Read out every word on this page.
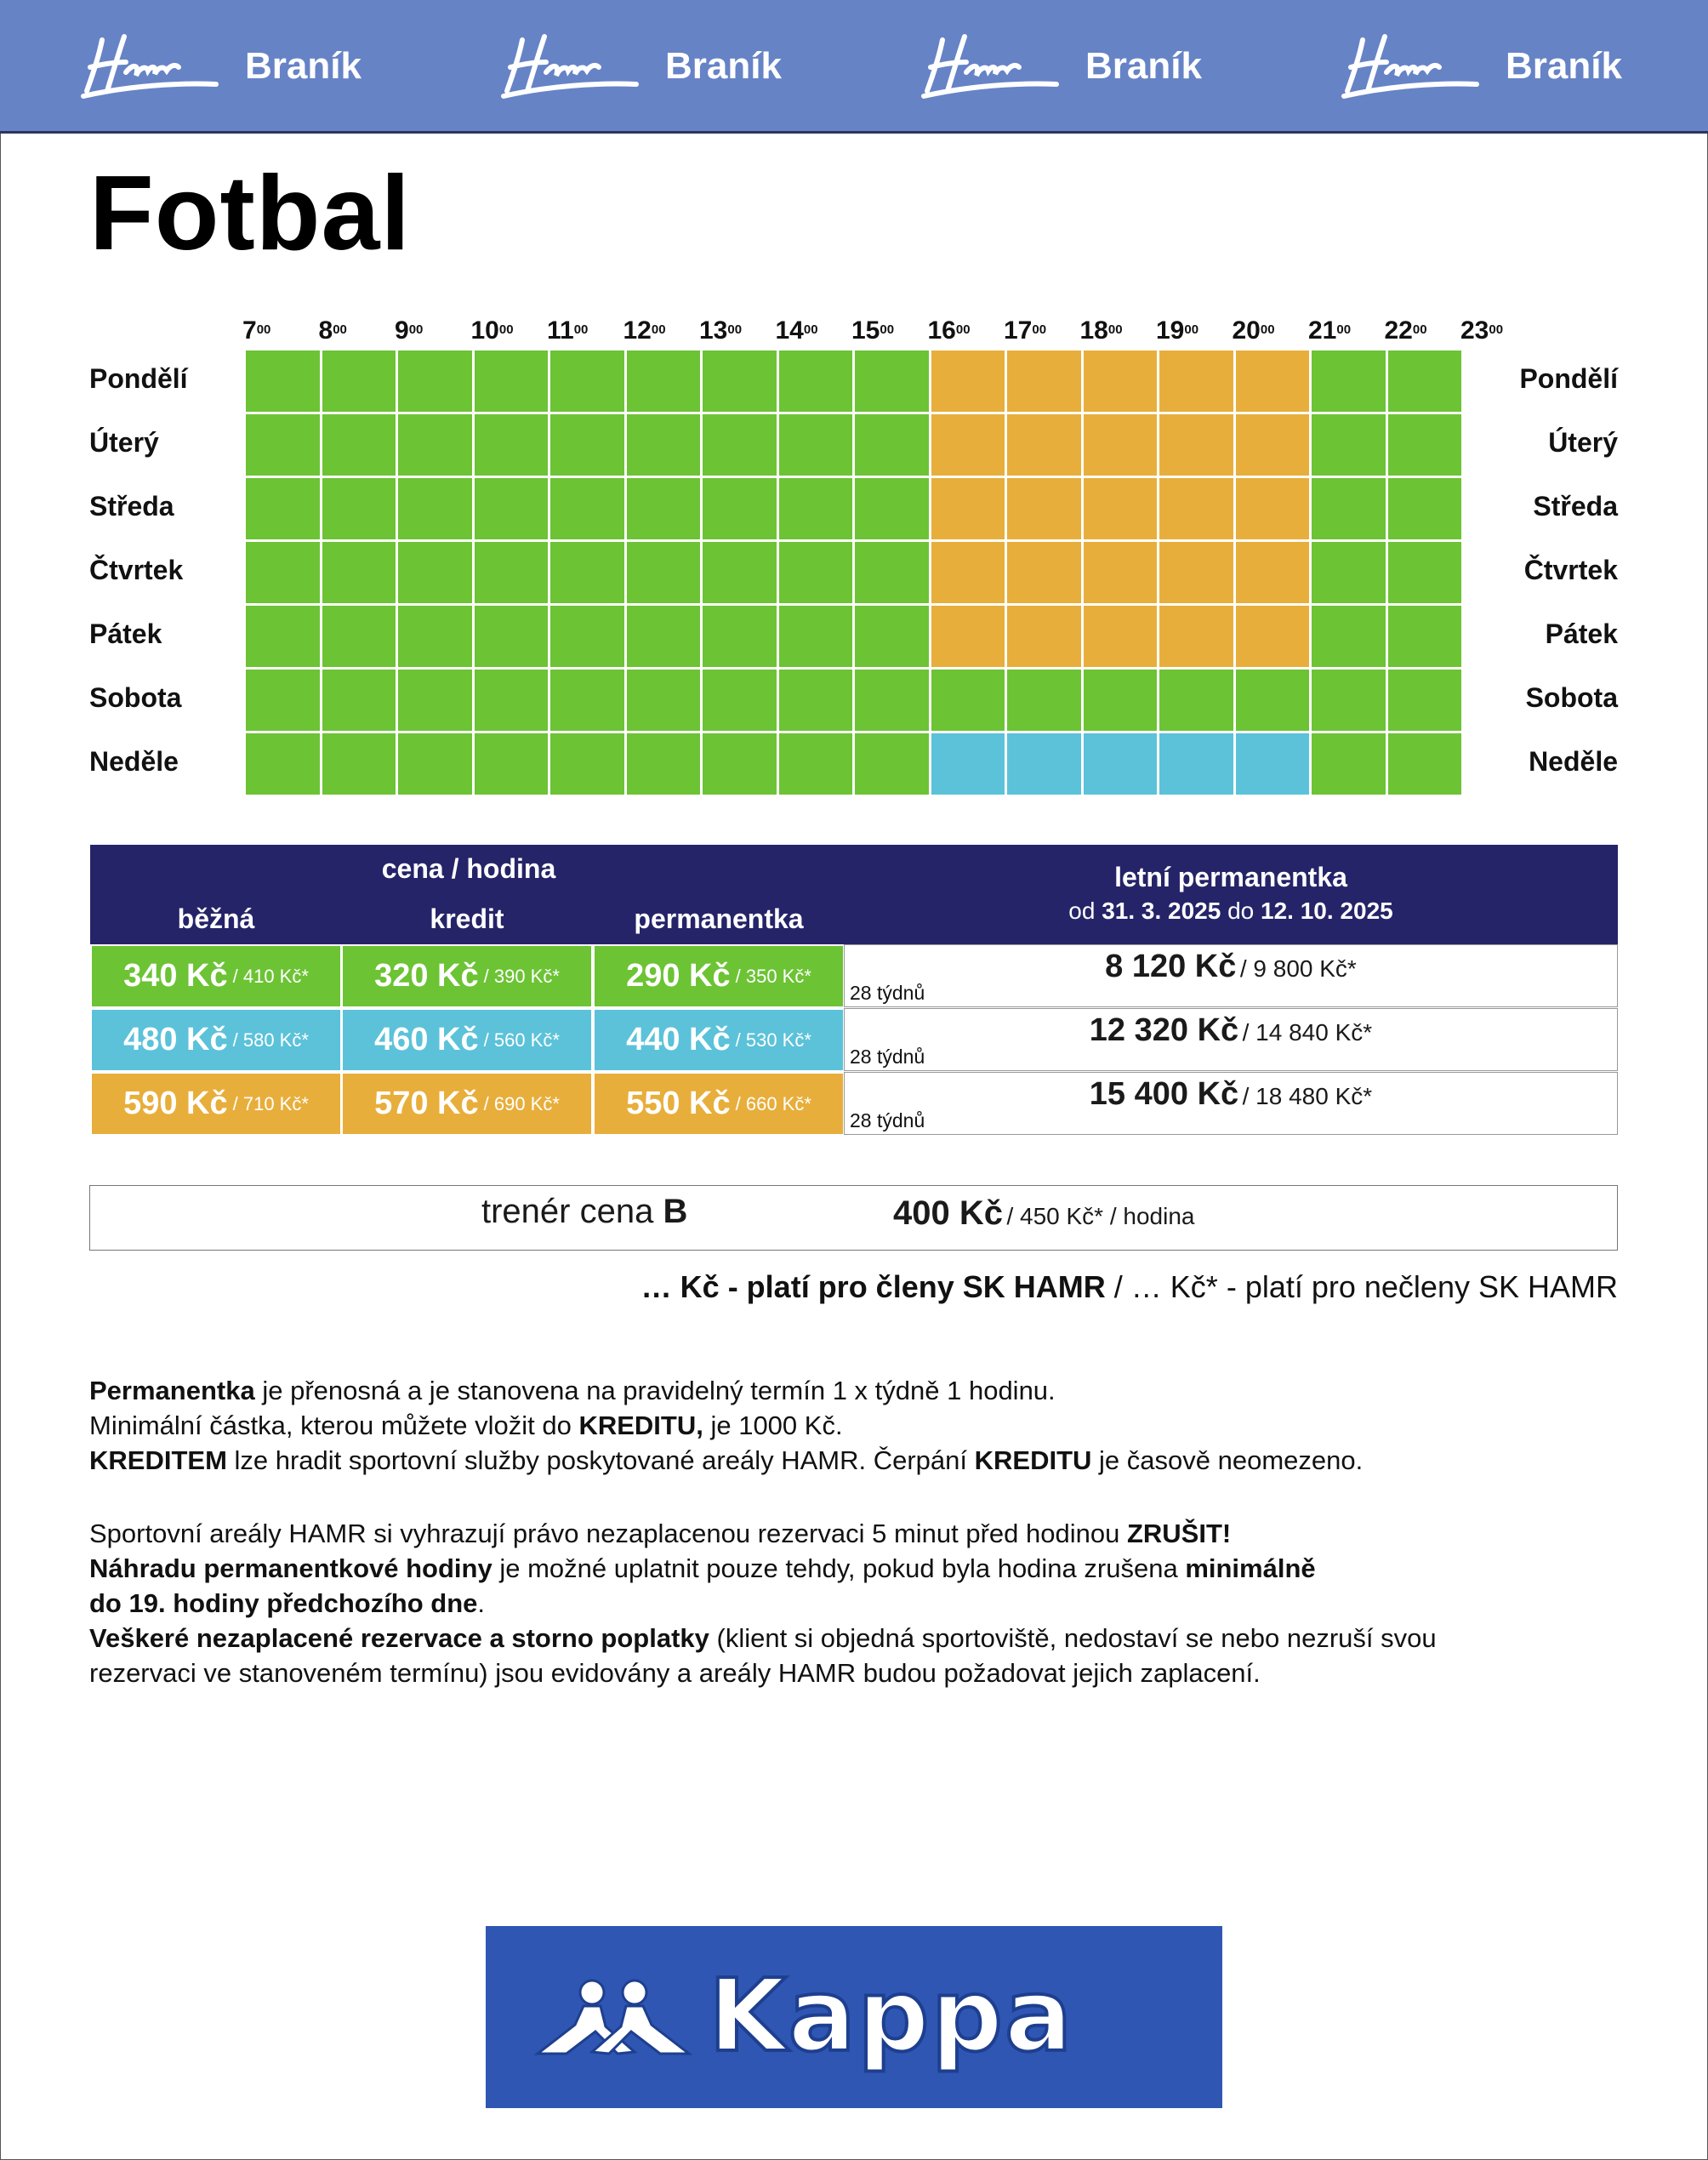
Hamr
Braník
Hamr
Braník
Hamr
Braník
Hamr
Braník
Fotbal
$7^{00}$ $8^{00}$ $9^{00}$ $10^{00}$ $11^{00}$ $12^{00}$ $13^{00}$ $14^{00}$ $15^{00}$ $16^{00}$ $17^{00}$ $18^{00}$ $19^{00}$ $20^{00}$ $21^{00}$ $22^{00}$ $23^{00}$
Pondělí	Pondělí
Úterý	Úterý
Středa	Středa
Čtvrtek	Čtvrtek
Pátek	Pátek
Sobota	Sobota
Neděle	Neděle
cena / hodina
běžná	kredit	permanentka
letní permanentka
od 31. 3. 2025 do 12. 10. 2025
340 Kč / 410 Kč* 320 Kč / 390 Kč* 290 Kč / 350 Kč*	8 120 Kč / 9 800 Kč*
28 týdnů
480 Kč / 580 Kč* 460 Kč / 560 Kč* 440 Kč / 530 Kč*	12 320 Kč / 14 840 Kč*
28 týdnů
590 Kč / 710 Kč* 570 Kč / 690 Kč* 550 Kč / 660 Kč*	15 400 Kč / 18 480 Kč*
28 týdnů
trenér cena B	400 Kč / 450 Kč* / hodina
… Kč - platí pro členy SK HAMR / … Kč* - platí pro nečleny SK HAMR
Permanentka je přenosná a je stanovena na pravidelný termín 1 x týdně 1 hodinu.
Minimální částka, kterou můžete vložit do KREDITU, je 1000 Kč.
KREDITEM lze hradit sportovní služby poskytované areály HAMR. Čerpání KREDITU je časově neomezeno.
Sportovní areály HAMR si vyhrazují právo nezaplacenou rezervaci 5 minut před hodinou ZRUŠIT!
Náhradu permanentkové hodiny je možné uplatnit pouze tehdy, pokud byla hodina zrušena minimálně
do 19. hodiny předchozího dne.
Veškeré nezaplacené rezervace a storno poplatky (klient si objedná sportoviště, nedostaví se nebo nezruší svou
rezervaci ve stanoveném termínu) jsou evidovány a areály HAMR budou požadovat jejich zaplacení.
Kappa
